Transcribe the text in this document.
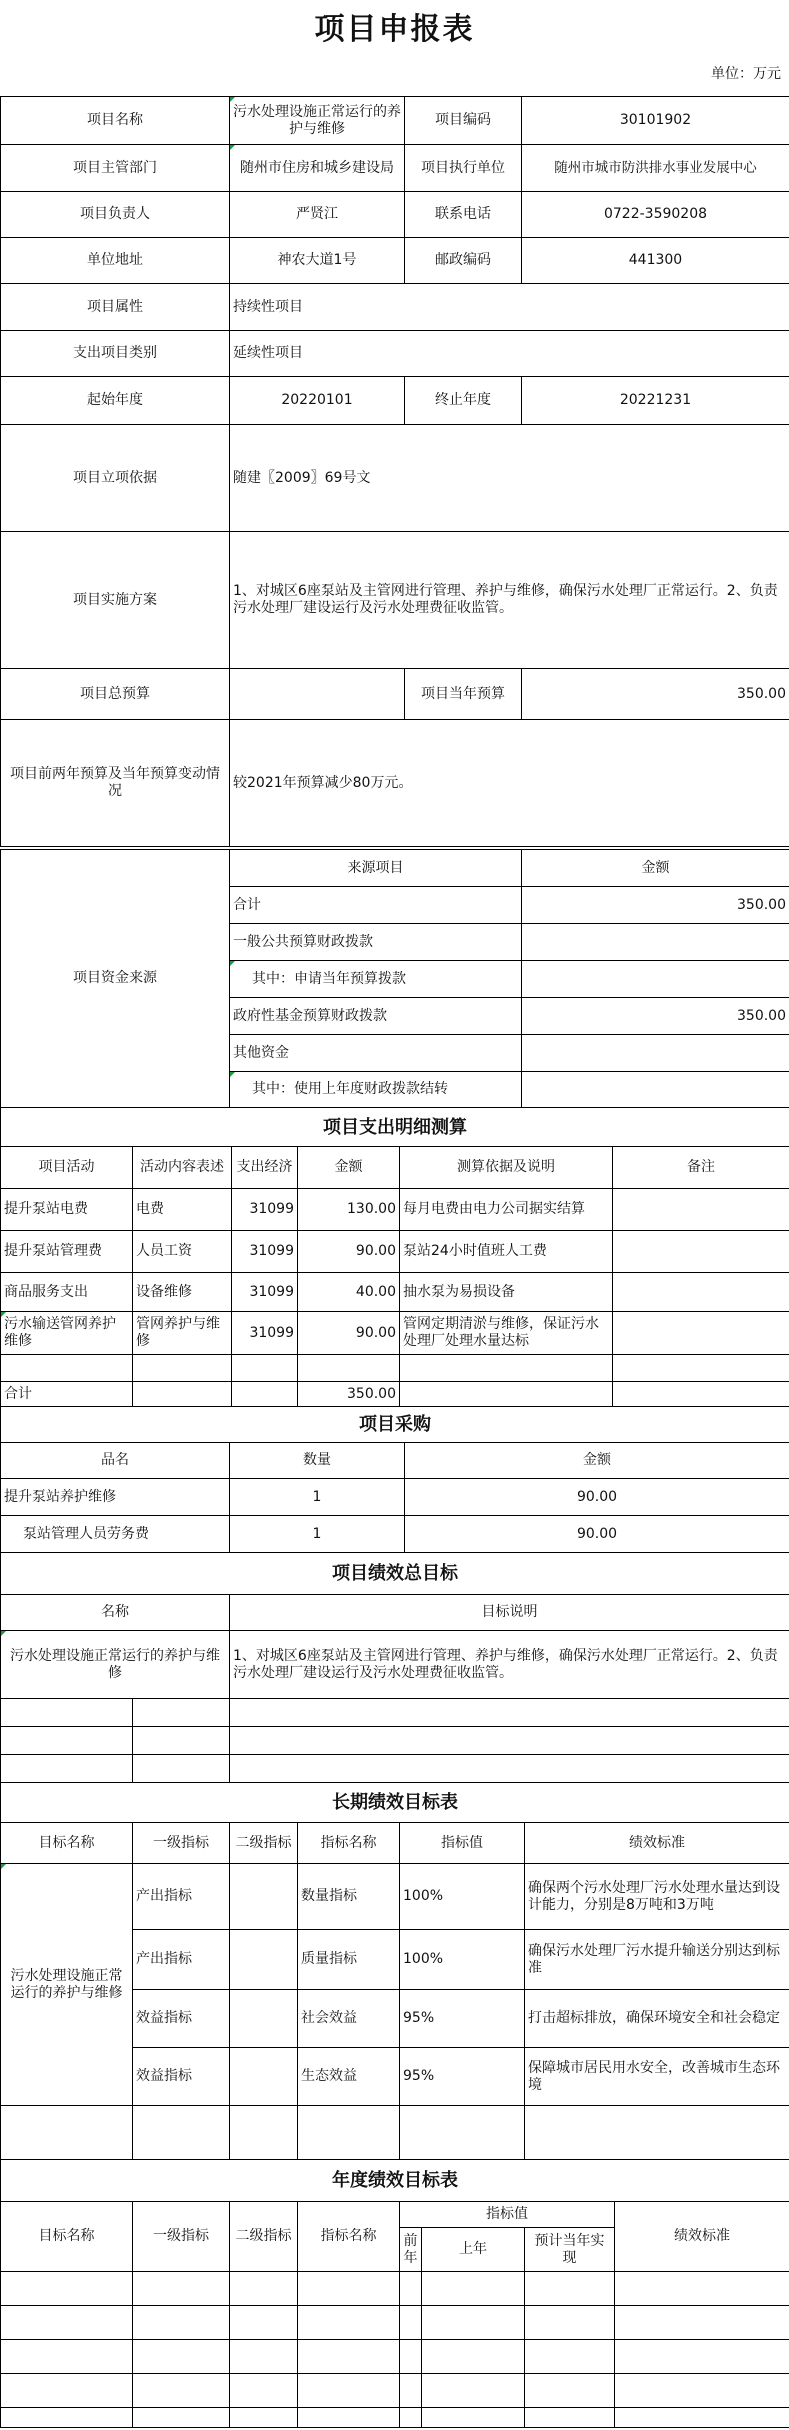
项目申报表
单位：万元
项目名称	污水处理设施正常运行的养护与维修	项目编码	30101902
项目主管部门	随州市住房和城乡建设局	项目执行单位	随州市城市防洪排水事业发展中心
项目负责人	严贤江	联系电话	0722-3590208
单位地址	神农大道1号	邮政编码	441300
项目属性	持续性项目		
支出项目类别	延续性项目		
起始年度	20220101	终止年度	20221231
项目立项依据	随建〖2009〗69号文		
项目实施方案	1、对城区6座泵站及主管网进行管理、养护与维修，确保污水处理厂正常运行。2、负责污水处理厂建设运行及污水处理费征收监管。		
项目总预算		项目当年预算	350.00
项目前两年预算及当年预算变动情况	较2021年预算减少80万元。		
项目资金来源	来源项目	金额
	合计	350.00
	一般公共预算财政拨款	
	其中：申请当年预算拨款	
	政府性基金预算财政拨款	350.00
	其他资金	
	其中：使用上年度财政拨款结转	
项目支出明细测算					
项目活动	活动内容表述	支出经济	金额	测算依据及说明	备注
提升泵站电费	电费	31099	130.00	每月电费由电力公司据实结算	
提升泵站管理费	人员工资	31099	90.00	泵站24小时值班人工费	
商品服务支出	设备维修	31099	40.00	抽水泵为易损设备	
污水输送管网养护维修	管网养护与维修	31099	90.00	管网定期清淤与维修，保证污水处理厂处理水量达标	

合计			350.00		
项目采购		
品名	数量	金额
提升泵站养护维修	1	90.00
泵站管理人员劳务费	1	90.00
项目绩效总目标		
名称		目标说明
污水处理设施正常运行的养护与维修		1、对城区6座泵站及主管网进行管理、养护与维修，确保污水处理厂正常运行。2、负责污水处理厂建设运行及污水处理费征收监管。

长期绩效目标表					
目标名称	一级指标	二级指标	指标名称	指标值	绩效标准
污水处理设施正常运行的养护与维修	产出指标		数量指标	100%	确保两个污水处理厂污水处理水量达到设计能力，分别是8万吨和3万吨
	产出指标		质量指标	100%	确保污水处理厂污水提升输送分别达到标准
	效益指标		社会效益	95%	打击超标排放，确保环境安全和社会稳定
	效益指标		生态效益	95%	保障城市居民用水安全，改善城市生态环境

年度绩效目标表							
目标名称	一级指标	二级指标	指标名称	指标值			绩效标准
				前年	上年	预计当年实现	
